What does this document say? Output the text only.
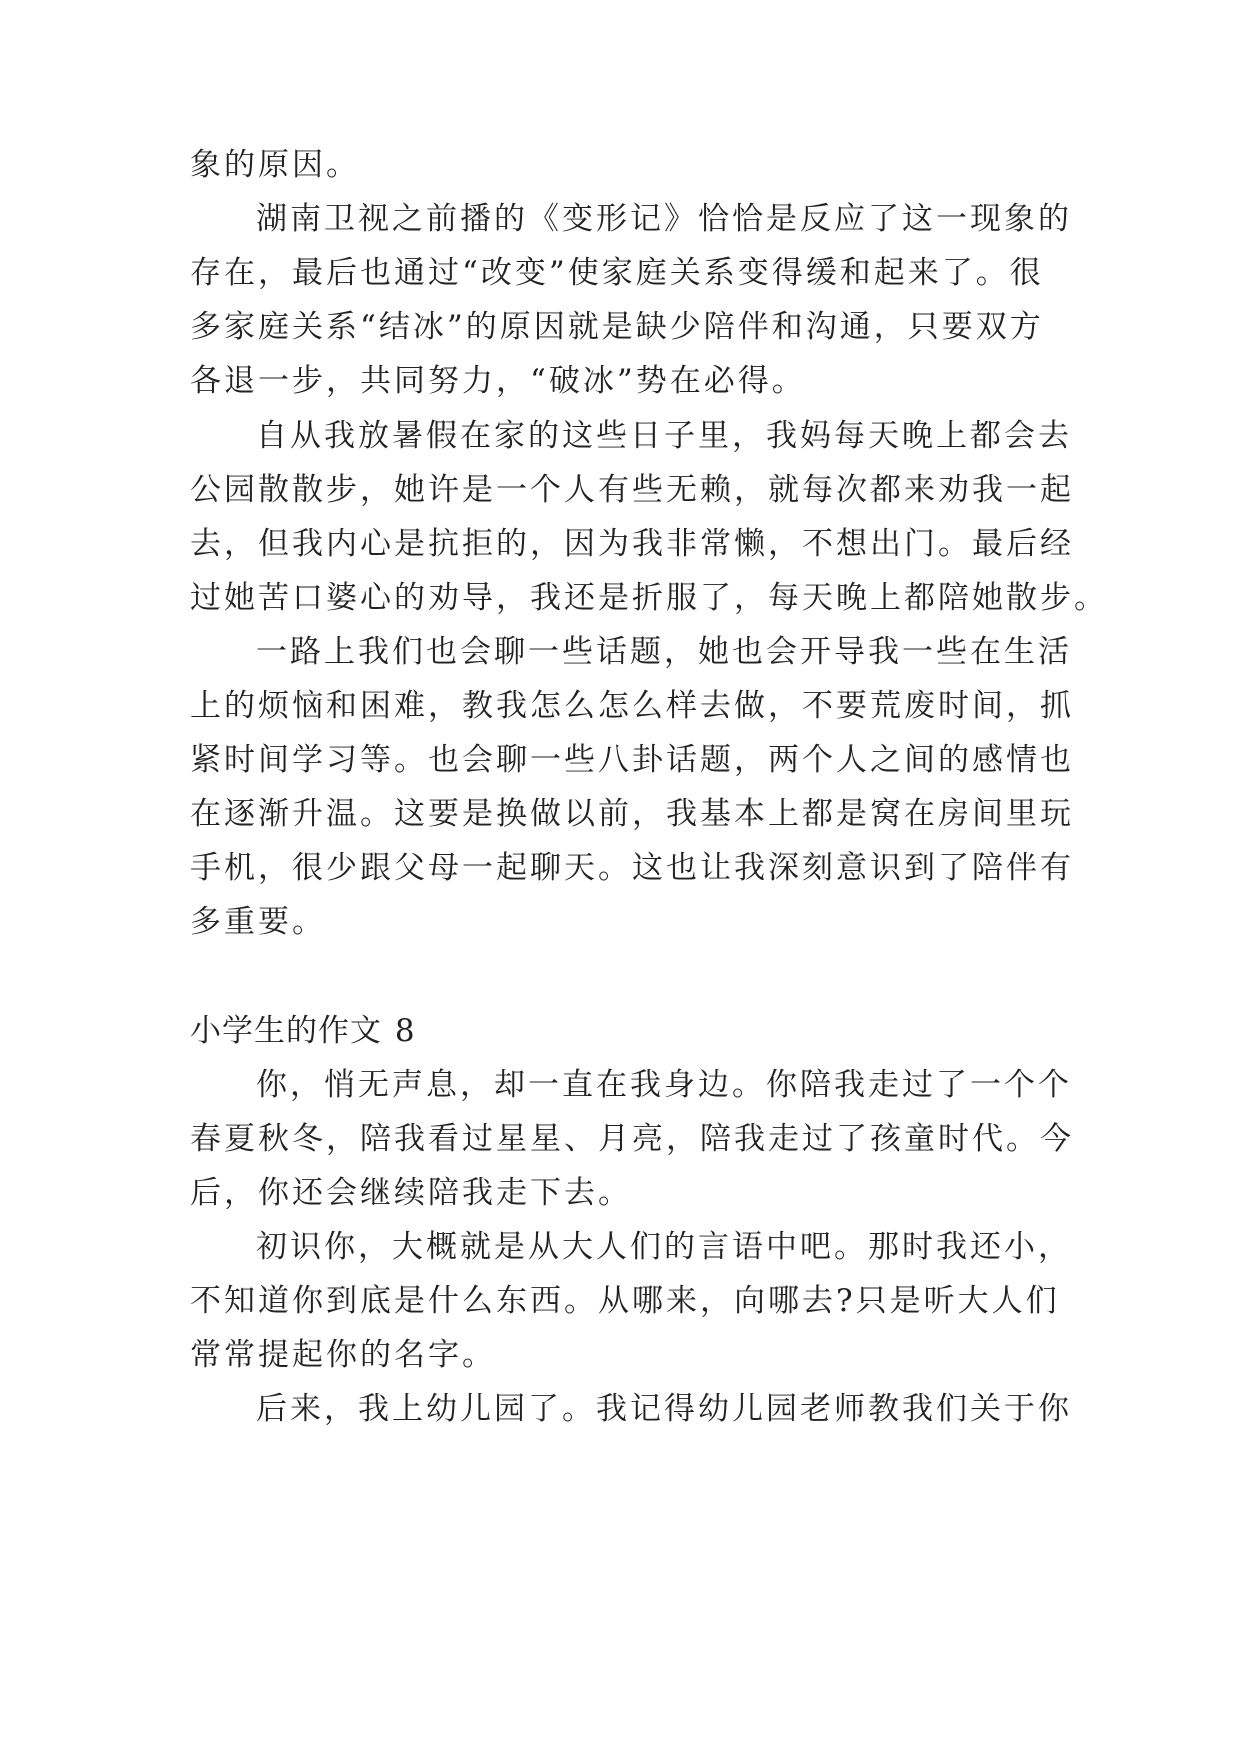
象的原因。
湖南卫视之前播的《变形记》恰恰是反应了这一现象的
存在，最后也通过“改变”使家庭关系变得缓和起来了。很
多家庭关系“结冰”的原因就是缺少陪伴和沟通，只要双方
各退一步，共同努力，“破冰”势在必得。
自从我放暑假在家的这些日子里，我妈每天晚上都会去
公园散散步，她许是一个人有些无赖，就每次都来劝我一起
去，但我内心是抗拒的，因为我非常懒，不想出门。最后经
过她苦口婆心的劝导，我还是折服了，每天晚上都陪她散步。
一路上我们也会聊一些话题，她也会开导我一些在生活
上的烦恼和困难，教我怎么怎么样去做，不要荒废时间，抓
紧时间学习等。也会聊一些八卦话题，两个人之间的感情也
在逐渐升温。这要是换做以前，我基本上都是窝在房间里玩
手机，很少跟父母一起聊天。这也让我深刻意识到了陪伴有
多重要。
小学生的作文 8
你，悄无声息，却一直在我身边。你陪我走过了一个个
春夏秋冬，陪我看过星星、月亮，陪我走过了孩童时代。今
后，你还会继续陪我走下去。
初识你，大概就是从大人们的言语中吧。那时我还小，
不知道你到底是什么东西。从哪来，向哪去?只是听大人们
常常提起你的名字。
后来，我上幼儿园了。我记得幼儿园老师教我们关于你
